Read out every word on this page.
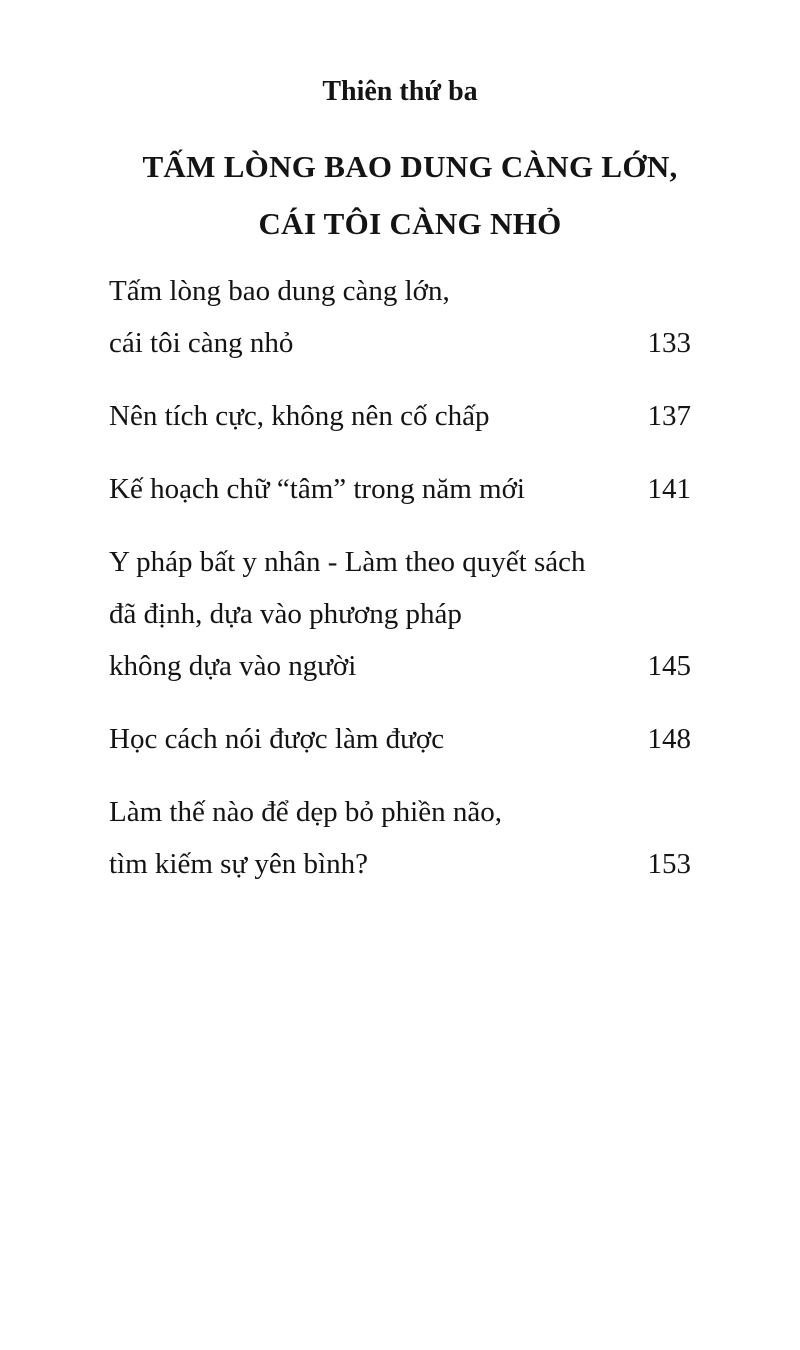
Thiên thứ ba
TẤM LÒNG BAO DUNG CÀNG LỚN,
CÁI TÔI CÀNG NHỎ
Tấm lòng bao dung càng lớn,
cái tôi càng nhỏ	133
Nên tích cực, không nên cố chấp	137
Kế hoạch chữ “tâm” trong năm mới	141
Y pháp bất y nhân - Làm theo quyết sách
đã định, dựa vào phương pháp
không dựa vào người	145
Học cách nói được làm được	148
Làm thế nào để dẹp bỏ phiền não,
tìm kiếm sự yên bình?	153
